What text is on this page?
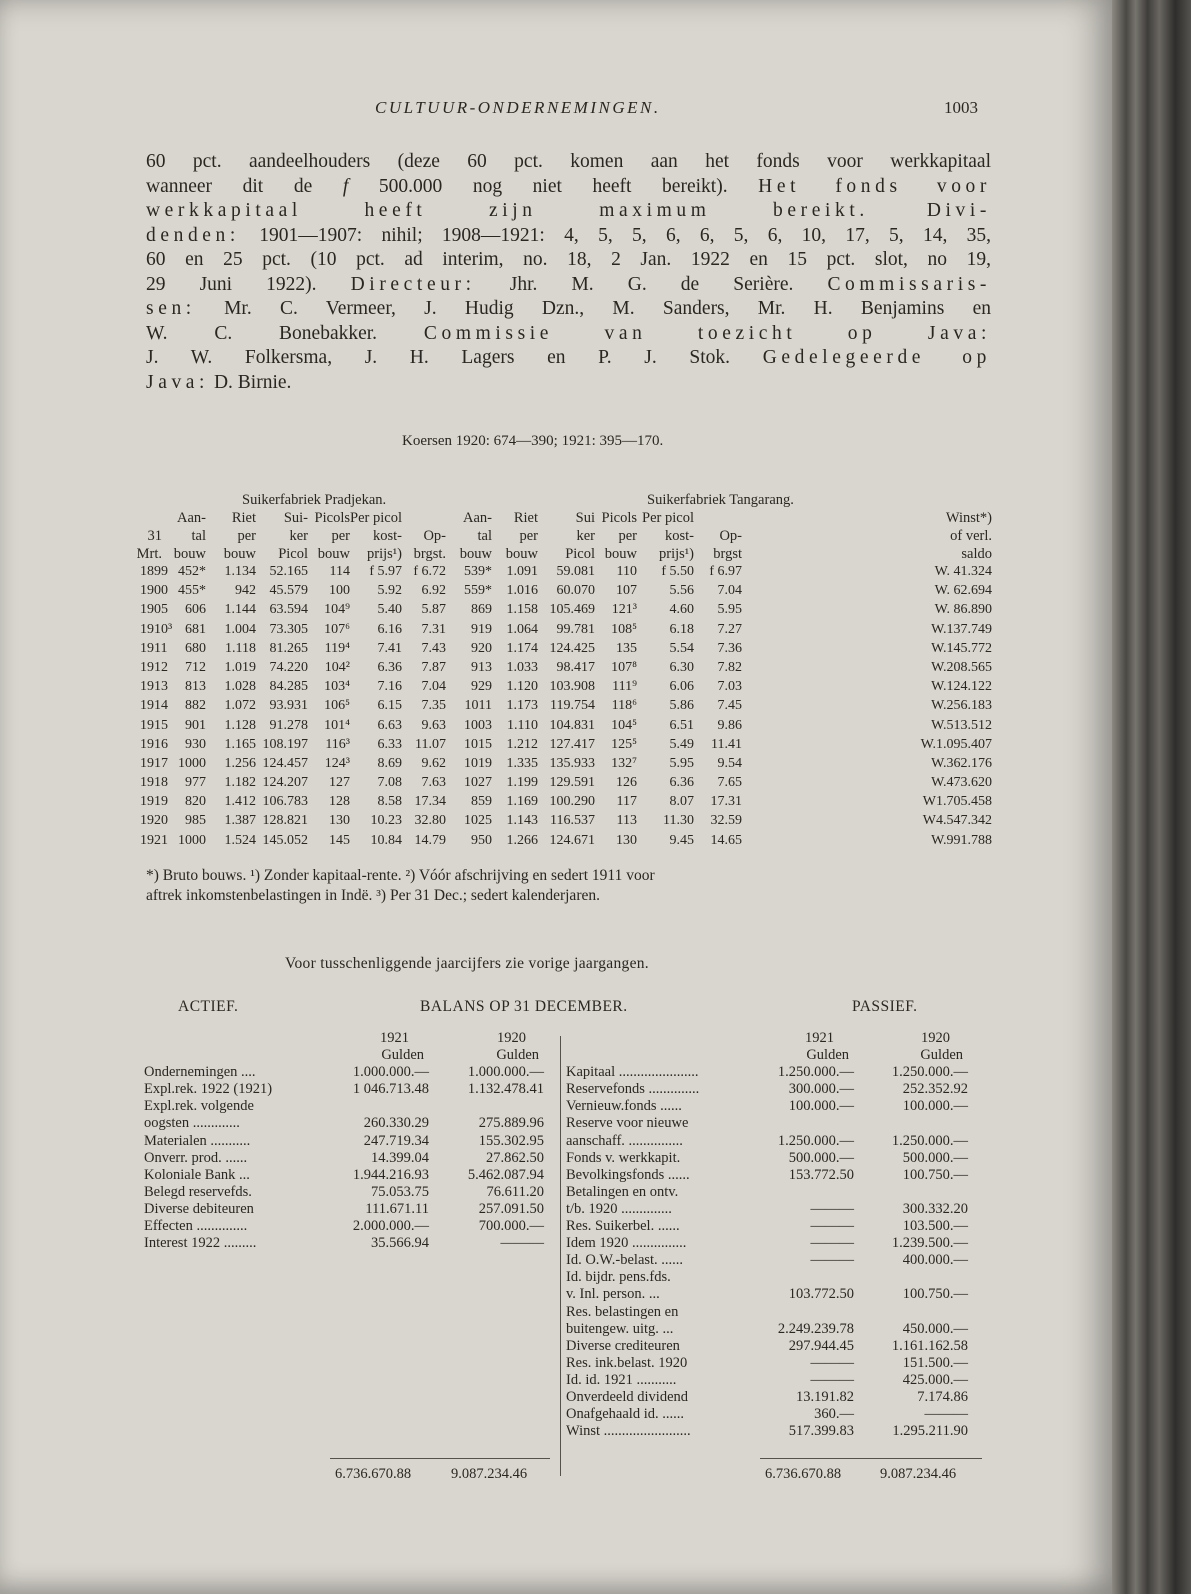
CULTUUR-ONDERNEMINGEN.	1003
60 pct. aandeelhouders (deze 60 pct. komen aan het fonds voor werkkapitaal
wanneer dit de f 500.000 nog niet heeft bereikt). Het fonds voor
werkkapitaal heeft zijn maximum bereikt.	Divi-
denden: 1901—1907: nihil; 1908—1921: 4, 5, 5, 6, 6, 5, 6, 10, 17, 5, 14, 35,
60 en 25 pct. (10 pct. ad interim, no. 18, 2 Jan. 1922 en 15 pct. slot, no 19,
29 Juni 1922). Directeur: Jhr. M. G. de Serière. Commissaris-
sen: Mr. C. Vermeer, J. Hudig Dzn., M. Sanders, Mr. H. Benjamins en
W. C. Bonebakker. Commissie van toezicht op Java:
J. W. Folkersma, J. H. Lagers en P. J. Stok. Gedelegeerde op
Java: D. Birnie.
Koersen 1920: 674—390; 1921: 395—170.
Suikerfabriek Pradjekan.	Suikerfabriek Tangarang.
Aan- Riet Sui- Picols Per picol	Aan- Riet	Sui Picols Per picol	Winst*)
31 tal per ker per kost- Op- tal per	ker per kost- Op-	of verl.
Mrt. bouw bouw Picol bouw prijs¹) brgst. bouw bouw Picol bouw prijs¹) brgst	saldo
1899 452* 1.134 52.165 114 f 5.97 f 6.72 539* 1.091 59.081 110 f 5.50 f 6.97	W. 41.324
1900 455* 942 45.579 100 5.92 6.92 559* 1.016 60.070 107 5.56 7.04	W. 62.694
1905 606 1.144 63.594 104⁹ 5.40 5.87 869 1.158 105.469 121³ 4.60 5.95	W. 86.890
1910³ 681 1.004 73.305 107⁶ 6.16 7.31 919 1.064 99.781 108⁵ 6.18 7.27	W.137.749
1911 680 1.118 81.265 119⁴ 7.41 7.43 920 1.174 124.425 135 5.54 7.36	W.145.772
1912 712 1.019 74.220 104² 6.36 7.87 913 1.033 98.417 107⁸ 6.30 7.82	W.208.565
1913 813 1.028 84.285 103⁴ 7.16 7.04 929 1.120 103.908 111⁹ 6.06 7.03	W.124.122
1914 882 1.072 93.931 106⁵ 6.15 7.35 1011 1.173 119.754 118⁶ 5.86 7.45	W.256.183
1915 901 1.128 91.278 101⁴ 6.63 9.63 1003 1.110 104.831 104⁵ 6.51 9.86	W.513.512
1916 930 1.165 108.197 116³ 6.33 11.07 1015 1.212 127.417 125⁵ 5.49 11.41	W.1.095.407
1917 1000 1.256 124.457 124³ 8.69 9.62 1019 1.335 135.933 132⁷ 5.95 9.54	W.362.176
1918 977 1.182 124.207 127 7.08 7.63 1027 1.199 129.591 126 6.36 7.65	W.473.620
1919 820 1.412 106.783 128 8.58 17.34 859 1.169 100.290 117 8.07 17.31	W1.705.458
1920 985 1.387 128.821 130 10.23 32.80 1025 1.143 116.537 113 11.30 32.59	W4.547.342
1921 1000 1.524 145.052 145 10.84 14.79 950 1.266 124.671 130 9.45 14.65	W.991.788
*) Bruto bouws. ¹) Zonder kapitaal-rente. ²) Vóór afschrijving en sedert 1911 voor
aftrek inkomstenbelastingen in Indë. ³) Per 31 Dec.; sedert kalenderjaren.
Voor tusschenliggende jaarcijfers zie vorige jaargangen.
ACTIEF.	BALANS OP 31 DECEMBER.	PASSIEF.
1921	1920
Gulden	Gulden
Ondernemingen ....	1.000.000.—	1.000.000.—
Expl.rek. 1922 (1921)	1 046.713.48	1.132.478.41
Expl.rek. volgende
oogsten .............	260.330.29	275.889.96
Materialen ...........	247.719.34	155.302.95
Onverr. prod. ......	14.399.04	27.862.50
Koloniale Bank ...	1.944.216.93	5.462.087.94
Belegd reservefds.	75.053.75	76.611.20
Diverse debiteuren	111.671.11	257.091.50
Effecten ..............	2.000.000.—	700.000.—
Interest 1922 .........	35.566.94	———
1921	1920
Gulden	Gulden
Kapitaal ......................	1.250.000.—	1.250.000.—
Reservefonds ..............	300.000.—	252.352.92
Vernieuw.fonds ......	100.000.—	100.000.—
Reserve voor nieuwe
aanschaff. ...............	1.250.000.—	1.250.000.—
Fonds v. werkkapit.	500.000.—	500.000.—
Bevolkingsfonds ......	153.772.50	100.750.—
Betalingen en ontv.
t/b. 1920 ..............	———	300.332.20
Res. Suikerbel. ......	———	103.500.—
Idem 1920 ...............	———	1.239.500.—
Id. O.W.-belast. ......	———	400.000.—
Id. bijdr. pens.fds.
v. Inl. person. ...	103.772.50	100.750.—
Res. belastingen en
buitengew. uitg. ...	2.249.239.78	450.000.—
Diverse crediteuren	297.944.45	1.161.162.58
Res. ink.belast. 1920	———	151.500.—
Id. id. 1921 ...........	———	425.000.—
Onverdeeld dividend	13.191.82	7.174.86
Onafgehaald id. ......	360.—	———
Winst ........................	517.399.83	1.295.211.90
6.736.670.88	9.087.234.46	6.736.670.88	9.087.234.46
